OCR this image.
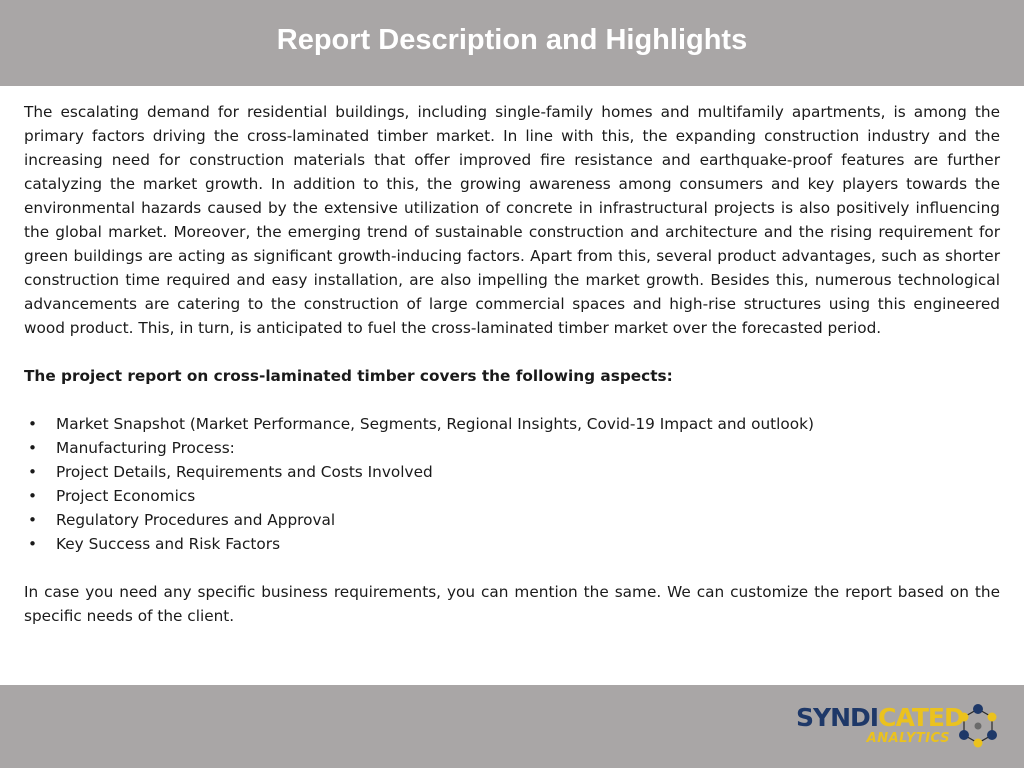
Report Description and Highlights

The escalating demand for residential buildings, including single-family homes and multifamily apartments, is among the primary factors driving the cross-laminated timber market. In line with this, the expanding construction industry and the increasing need for construction materials that offer improved fire resistance and earthquake-proof features are further catalyzing the market growth. In addition to this, the growing awareness among consumers and key players towards the environmental hazards caused by the extensive utilization of concrete in infrastructural projects is also positively influencing the global market. Moreover, the emerging trend of sustainable construction and architecture and the rising requirement for green buildings are acting as significant growth-inducing factors. Apart from this, several product advantages, such as shorter construction time required and easy installation, are also impelling the market growth. Besides this, numerous technological advancements are catering to the construction of large commercial spaces and high-rise structures using this engineered wood product. This, in turn, is anticipated to fuel the cross-laminated timber market over the forecasted period.

The project report on cross-laminated timber covers the following aspects:

• Market Snapshot (Market Performance, Segments, Regional Insights, Covid-19 Impact and outlook)
• Manufacturing Process:
• Project Details, Requirements and Costs Involved
• Project Economics
• Regulatory Procedures and Approval
• Key Success and Risk Factors

In case you need any specific business requirements, you can mention the same. We can customize the report based on the specific needs of the client.

SYNDICATED
ANALYTICS
